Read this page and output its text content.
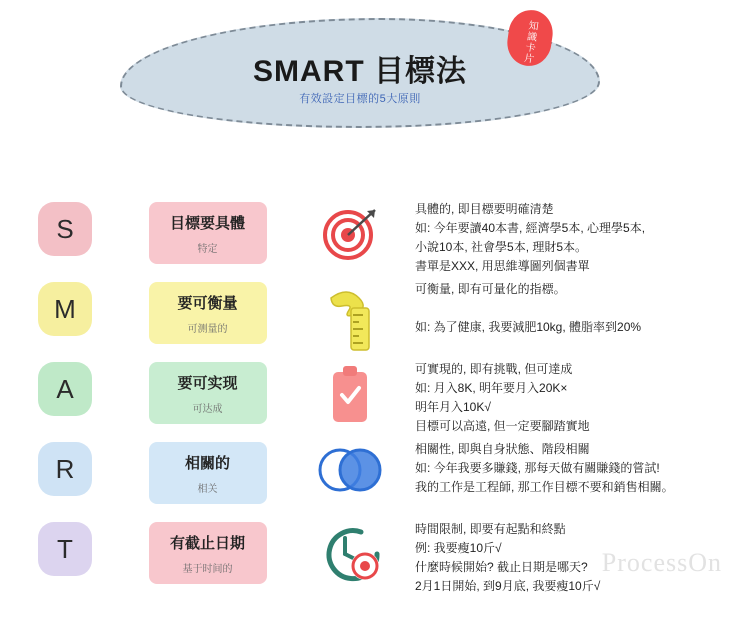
SMART 目標法
有效設定目標的5大原則
知識卡片
S	目標要具體
特定
具體的, 即目標要明確清楚
如: 今年要讀40本書, 經濟學5本, 心理學5本,
小說10本, 社會學5本, 理財5本。
書單是XXX, 用思維導圖列個書單
M	要可衡量
可测量的
可衡量, 即有可量化的指標。

如: 為了健康, 我要減肥10kg, 體脂率到20%
A	要可实现
可达成
可實現的, 即有挑戰, 但可達成
如: 月入8K, 明年要月入20K×
明年月入10K√
目標可以高遠, 但一定要腳踏實地
R	相關的
相关
相關性, 即與自身狀態、階段相關
如: 今年我要多賺錢, 那每天做有關賺錢的嘗試!
我的工作是工程師, 那工作目標不要和銷售相關。
T	有截止日期
基于时间的
時間限制, 即要有起點和終點
例: 我要瘦10斤√
什麼時候開始? 截止日期是哪天?
2月1日開始, 到9月底, 我要瘦10斤√
ProcessOn
